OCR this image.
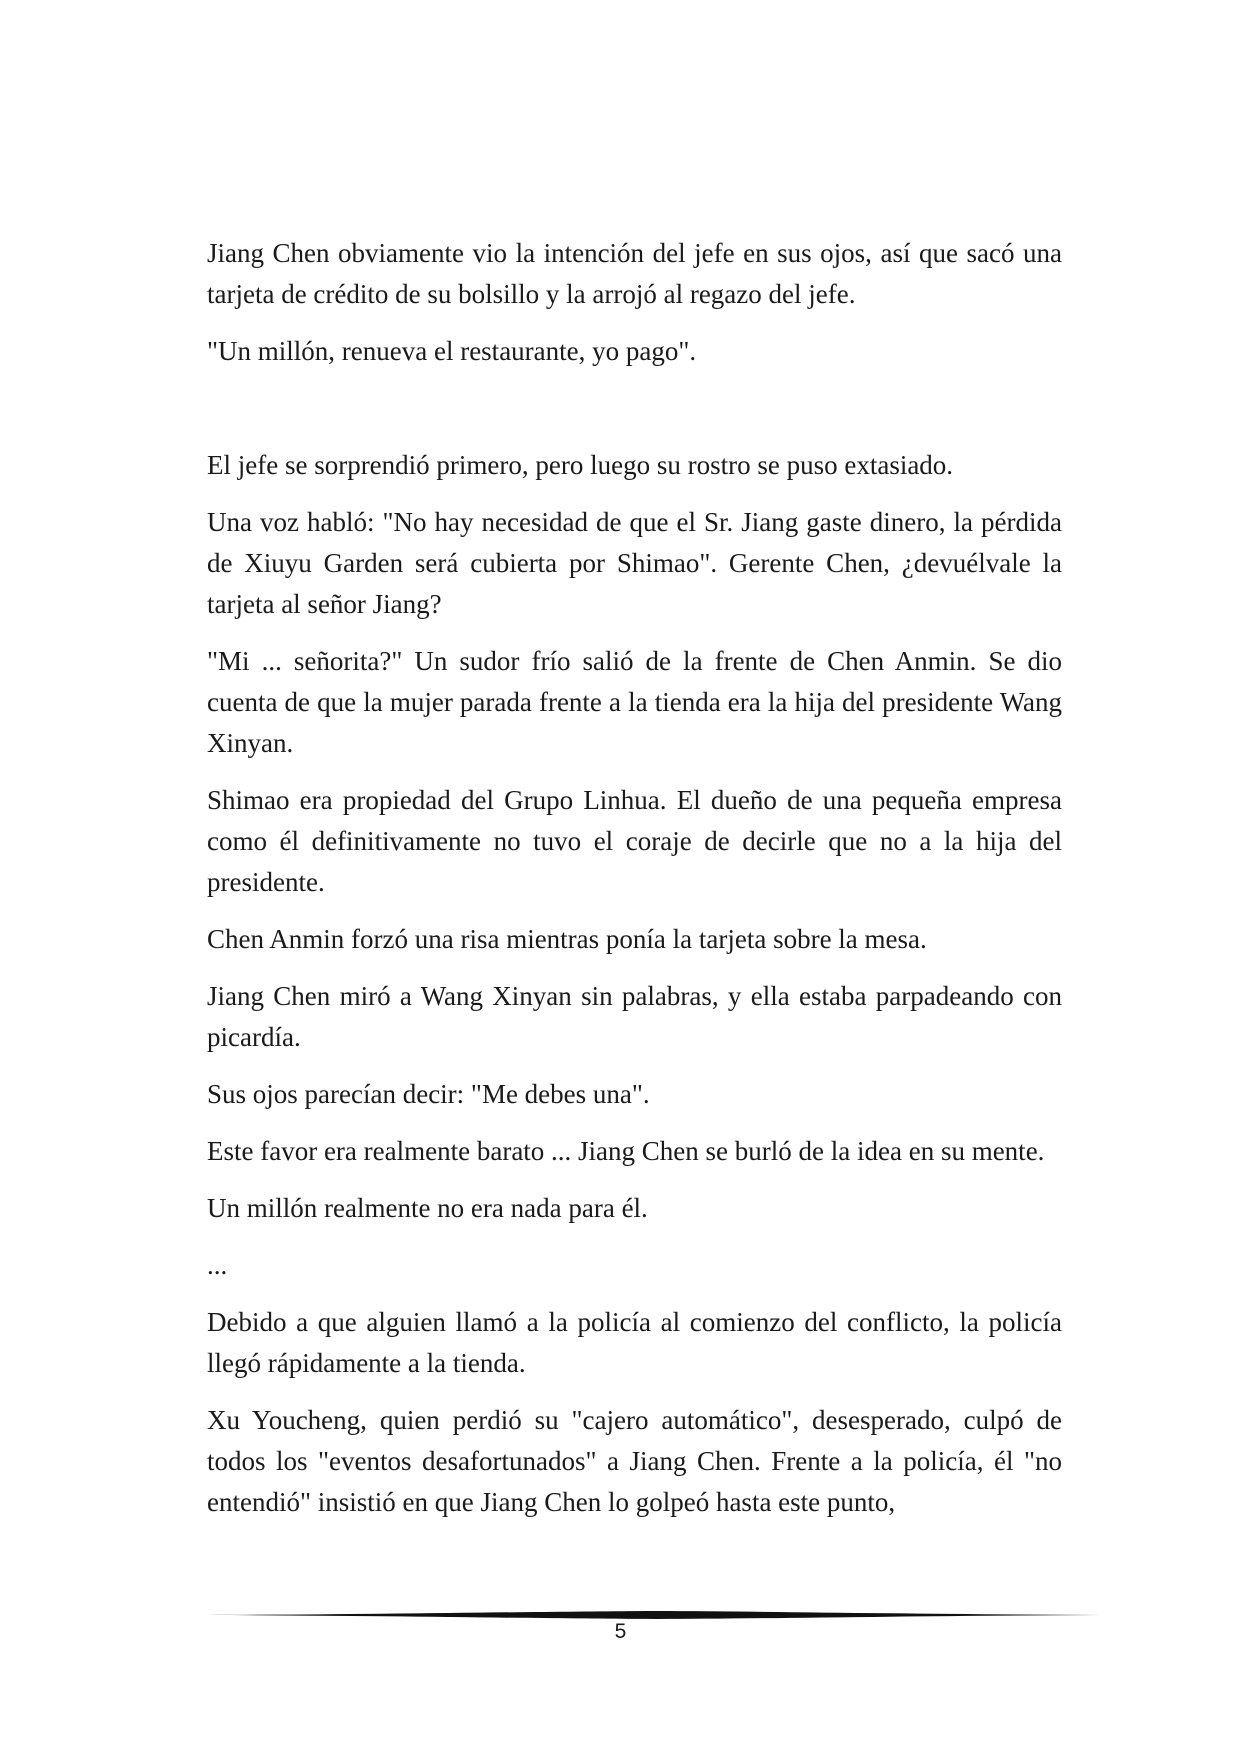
Jiang Chen obviamente vio la intención del jefe en sus ojos, así que sacó una tarjeta de crédito de su bolsillo y la arrojó al regazo del jefe.

"Un millón, renueva el restaurante, yo pago".

El jefe se sorprendió primero, pero luego su rostro se puso extasiado.

Una voz habló: "No hay necesidad de que el Sr. Jiang gaste dinero, la pérdida de Xiuyu Garden será cubierta por Shimao". Gerente Chen, ¿devuélvale la tarjeta al señor Jiang?

"Mi ... señorita?" Un sudor frío salió de la frente de Chen Anmin. Se dio cuenta de que la mujer parada frente a la tienda era la hija del presidente Wang Xinyan.

Shimao era propiedad del Grupo Linhua. El dueño de una pequeña empresa como él definitivamente no tuvo el coraje de decirle que no a la hija del presidente.

Chen Anmin forzó una risa mientras ponía la tarjeta sobre la mesa.

Jiang Chen miró a Wang Xinyan sin palabras, y ella estaba parpadeando con picardía.

Sus ojos parecían decir: "Me debes una".

Este favor era realmente barato ... Jiang Chen se burló de la idea en su mente.

Un millón realmente no era nada para él.

...

Debido a que alguien llamó a la policía al comienzo del conflicto, la policía llegó rápidamente a la tienda.

Xu Youcheng, quien perdió su "cajero automático", desesperado, culpó de todos los "eventos desafortunados" a Jiang Chen. Frente a la policía, él "no entendió" insistió en que Jiang Chen lo golpeó hasta este punto,

5
